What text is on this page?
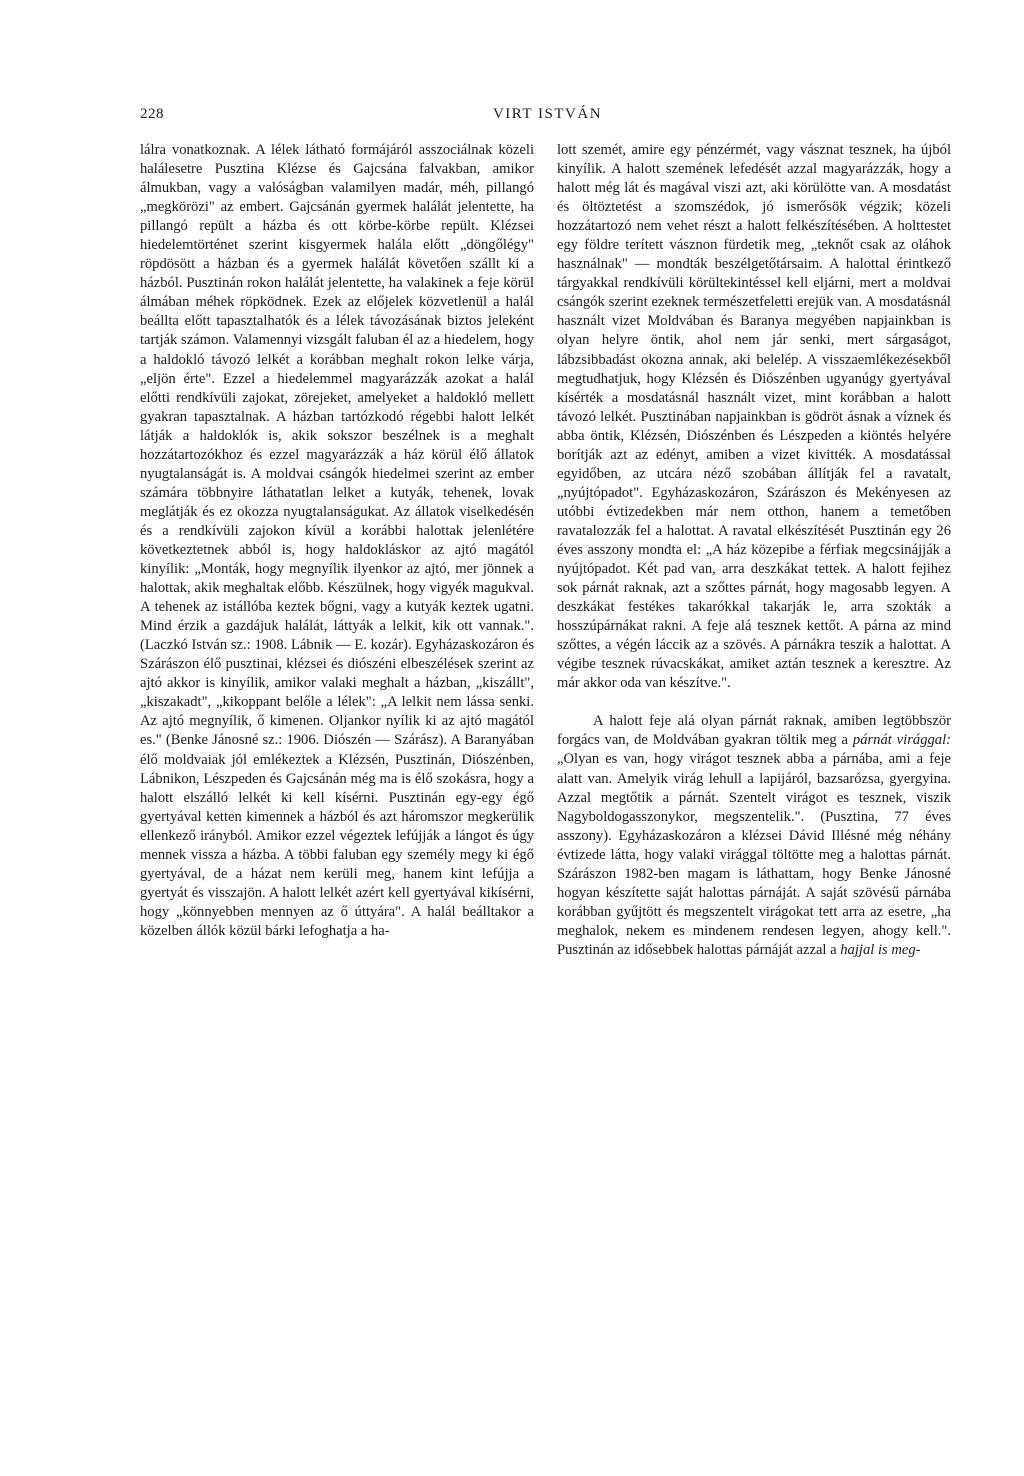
228	VIRT ISTVÁN

lálra vonatkoznak. A lélek látható formájáról asszociálnak közeli halálesetre Pusztina Klézse és Gajcsána falvakban, amikor álmukban, vagy a valóságban valamilyen madár, méh, pillangó „megkörözi" az embert. Gajcsánán gyermek halálát jelentette, ha pillangó repült a házba és ott körbe-körbe repült. Klézsei hiedelemtörténet szerint kisgyermek halála előtt „döngőlégy" röpdösött a házban és a gyermek halálát követően szállt ki a házból. Pusztinán rokon halálát jelentette, ha valakinek a feje körül álmában méhek röpködnek. Ezek az előjelek közvetlenül a halál beállta előtt tapasztalhatók és a lélek távozásának biztos jeleként tartják számon. Valamennyi vizsgált faluban él az a hiedelem, hogy a haldokló távozó lelkét a korábban meghalt rokon lelke várja, „eljön érte". Ezzel a hiedelemmel magyarázzák azokat a halál előtti rendkívüli zajokat, zörejeket, amelyeket a haldokló mellett gyakran tapasztalnak. A házban tartózkodó régebbi halott lelkét látják a haldoklók is, akik sokszor beszélnek is a meghalt hozzátartozókhoz és ezzel magyarázzák a ház körül élő állatok nyugtalanságát is. A moldvai csángók hiedelmei szerint az ember számára többnyire láthatatlan lelket a kutyák, tehenek, lovak meglátják és ez okozza nyugtalanságukat. Az állatok viselkedésén és a rendkívüli zajokon kívül a korábbi halottak jelenlétére következtetnek abból is, hogy haldokláskor az ajtó magától kinyílik: „Monták, hogy megnyílik ilyenkor az ajtó, mer jönnek a halottak, akik meghaltak előbb. Készülnek, hogy vigyék magukval. A tehenek az istállóba keztek bőgni, vagy a kutyák keztek ugatni. Mind érzik a gazdájuk halálát, láttyák a lelkit, kik ott vannak.". (Laczkó István sz.: 1908. Lábnik — E. kozár). Egyházaskozáron és Szárászon élő pusztinai, klézsei és diószéni elbeszélések szerint az ajtó akkor is kinyílik, amikor valaki meghalt a házban, „kiszállt", „kiszakadt", „kikoppant belőle a lélek": „A lelkit nem lássa senki. Az ajtó megnyílik, ő kimenen. Oljankor nyílik ki az ajtó magától es." (Benke Jánosné sz.: 1906. Diószén — Szárász). A Baranyában élő moldvaiak jól emlékeztek a Klézsén, Pusztinán, Diószénben, Lábnikon, Lészpeden és Gajcsánán még ma is élő szokásra, hogy a halott elszálló lelkét ki kell kísérni. Pusztinán egy-egy égő gyertyával ketten kimennek a házból és azt háromszor megkerülik ellenkező irányból. Amikor ezzel végeztek lefújják a lángot és úgy mennek vissza a házba. A többi faluban egy személy megy ki égő gyertyával, de a házat nem kerüli meg, hanem kint lefújja a gyertyát és visszajön. A halott lelkét azért kell gyertyával kikísérni, hogy „könnyebben mennyen az ő úttyára". A halál beálltakor a közelben állók közül bárki lefoghatja a ha-

lott szemét, amire egy pénzérmét, vagy vásznat tesznek, ha újból kinyílik. A halott szemének lefedését azzal magyarázzák, hogy a halott még lát és magával viszi azt, aki körülötte van. A mosdatást és öltöztetést a szomszédok, jó ismerősök végzik; közeli hozzátartozó nem vehet részt a halott felkészítésében. A holttestet egy földre terített vásznon fürdetik meg, „teknőt csak az oláhok használnak" — mondták beszélgetőtársaim. A halottal érintkező tárgyakkal rendkívüli körültekintéssel kell eljárni, mert a moldvai csángók szerint ezeknek természetfeletti erejük van. A mosdatásnál használt vizet Moldvában és Baranya megyében napjainkban is olyan helyre öntik, ahol nem jár senki, mert sárgaságot, lábzsibbadást okozna annak, aki belelép. A visszaemlékezésekből megtudhatjuk, hogy Klézsén és Diószénben ugyanúgy gyertyával kísérték a mosdatásnál használt vizet, mint korábban a halott távozó lelkét. Pusztinában napjainkban is gödröt ásnak a víznek és abba öntik, Klézsén, Diószénben és Lészpeden a kiöntés helyére borítják azt az edényt, amiben a vizet kivitték. A mosdatással egyidőben, az utcára néző szobában állítják fel a ravatalt, „nyújtópadot". Egyházaskozáron, Szárászon és Mekényesen az utóbbi évtizedekben már nem otthon, hanem a temetőben ravatalozzák fel a halottat. A ravatal elkészítését Pusztinán egy 26 éves asszony mondta el: „A ház közepibe a férfiak megcsinájják a nyújtópadot. Két pad van, arra deszkákat tettek. A halott fejihez sok párnát raknak, azt a szőttes párnát, hogy magosabb legyen. A deszkákat festékes takarókkal takarják le, arra szokták a hosszúpárnákat rakni. A feje alá tesznek kettőt. A párna az mind szőttes, a végén láccik az a szövés. A párnákra teszik a halottat. A végibe tesznek rúvacskákat, amiket aztán tesznek a keresztre. Az már akkor oda van készítve.".

A halott feje alá olyan párnát raknak, amiben legtöbbször forgács van, de Moldvában gyakran töltik meg a párnát virággal: „Olyan es van, hogy virágot tesznek abba a párnába, ami a feje alatt van. Amelyik virág lehull a lapijáról, bazsarózsa, gyergyina. Azzal megtőtik a párnát. Szentelt virágot es tesznek, viszik Nagyboldogasszonykor, megszentelik.". (Pusztina, 77 éves asszony). Egyházaskozáron a klézsei Dávid Illésné még néhány évtizede látta, hogy valaki virággal töltötte meg a halottas párnát. Szárászon 1982-ben magam is láthattam, hogy Benke Jánosné hogyan készítette saját halottas párnáját. A saját szövésű párnába korábban gyűjtött és megszentelt virágokat tett arra az esetre, „ha meghalok, nekem es mindenem rendesen legyen, ahogy kell.". Pusztinán az idősebbek halottas párnáját azzal a hajjal is meg-
